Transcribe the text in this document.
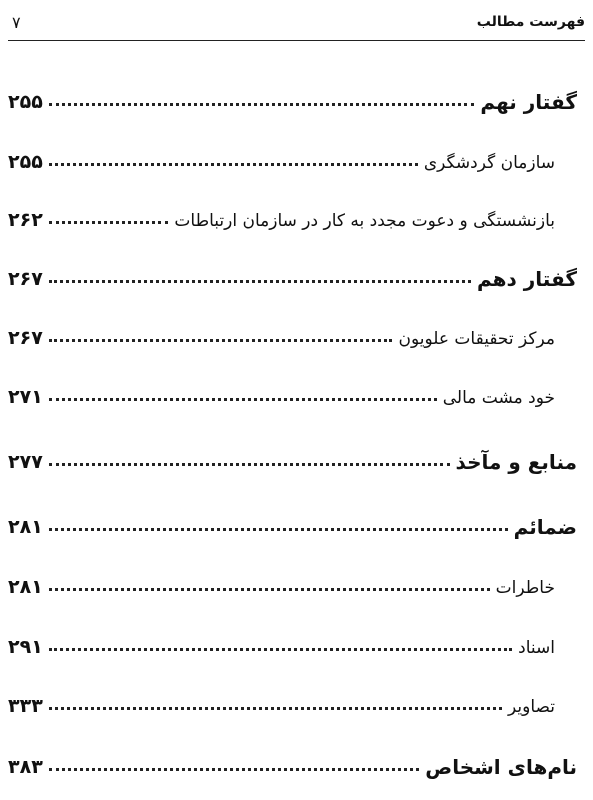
فهرست مطالب
۷
گفتار نهم
۲۵۵
سازمان گردشگری
۲۵۵
بازنشستگی و دعوت مجدد به کار در سازمان ارتباطات
۲۶۲
گفتار دهم
۲۶۷
مرکز تحقیقات علویون
۲۶۷
خود مشت مالی
۲۷۱
منابع و مآخذ
۲۷۷
ضمائم
۲۸۱
خاطرات
۲۸۱
اسناد
۲۹۱
تصاویر
۳۳۳
نام‌های اشخاص
۳۸۳
